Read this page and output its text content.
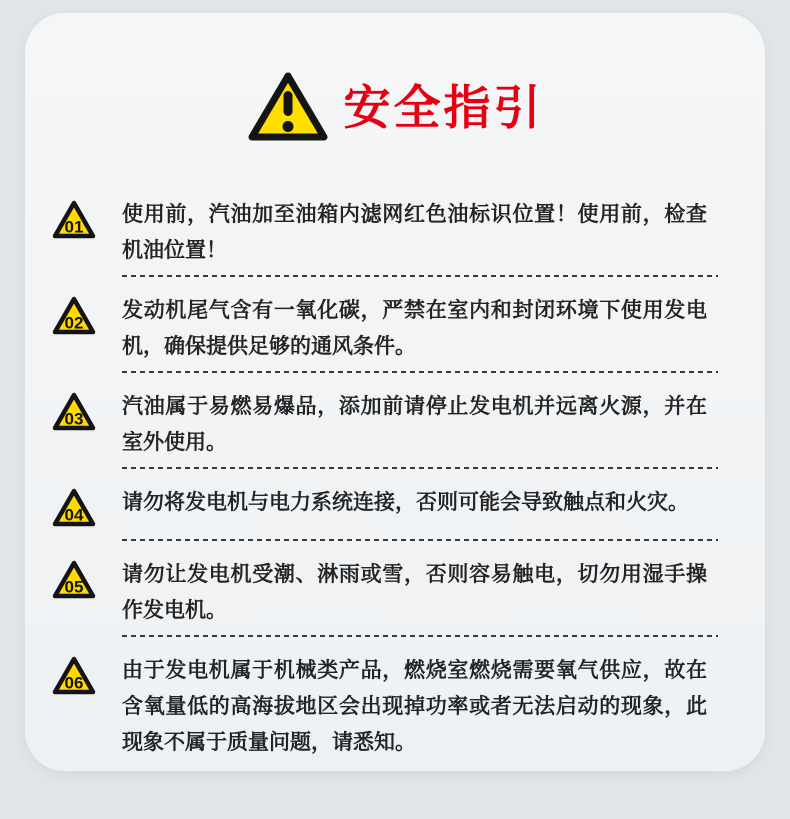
安全指引
01
使用前，汽油加至油箱内滤网红色油标识位置！使用前，检查机油位置！
02
发动机尾气含有一氧化碳，严禁在室内和封闭环境下使用发电机，确保提供足够的通风条件。
03
汽油属于易燃易爆品，添加前请停止发电机并远离火源，并在室外使用。
04
请勿将发电机与电力系统连接，否则可能会导致触点和火灾。
05
请勿让发电机受潮、淋雨或雪，否则容易触电，切勿用湿手操作发电机。
06
由于发电机属于机械类产品，燃烧室燃烧需要氧气供应，故在含氧量低的高海拔地区会出现掉功率或者无法启动的现象，此现象不属于质量问题，请悉知。
